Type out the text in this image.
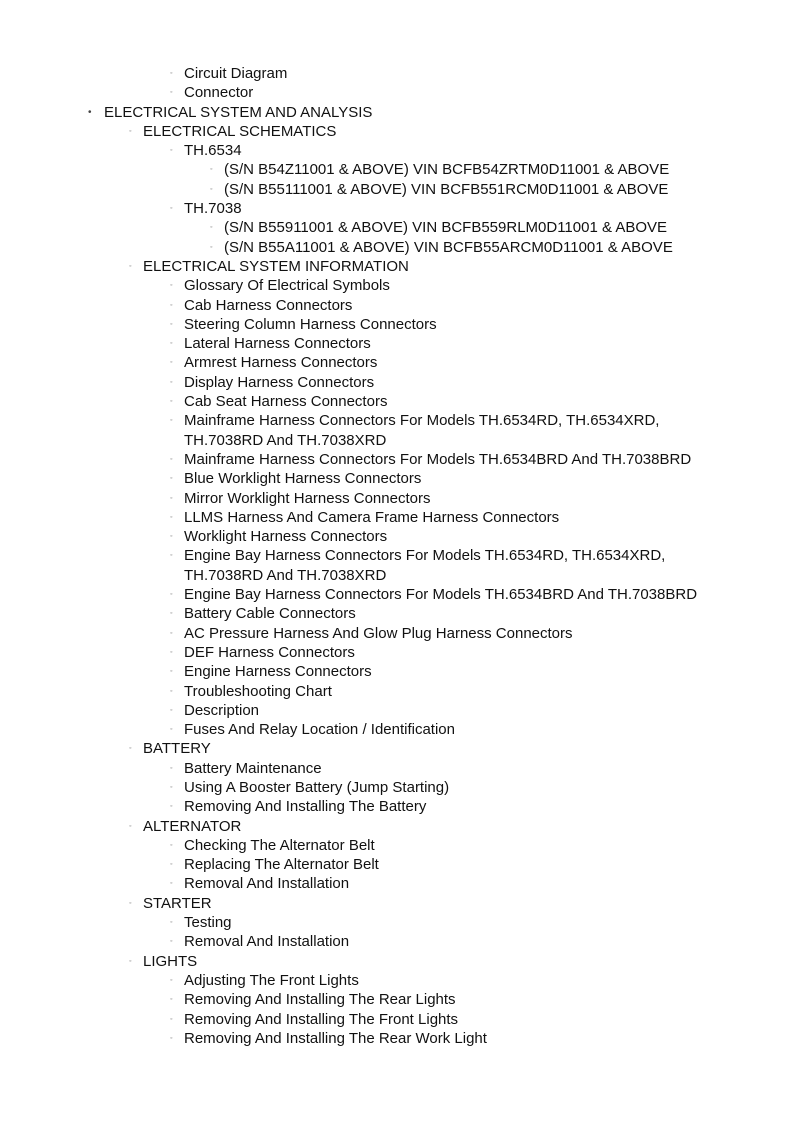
◦ Circuit Diagram
◦ Connector
• ELECTRICAL SYSTEM AND ANALYSIS
◦ ELECTRICAL SCHEMATICS
◦ TH.6534
◦ (S/N B54Z11001 & ABOVE) VIN BCFB54ZRTM0D11001 & ABOVE
◦ (S/N B55111001 & ABOVE) VIN BCFB551RCM0D11001 & ABOVE
◦ TH.7038
◦ (S/N B55911001 & ABOVE) VIN BCFB559RLM0D11001 & ABOVE
◦ (S/N B55A11001 & ABOVE) VIN BCFB55ARCM0D11001 & ABOVE
◦ ELECTRICAL SYSTEM INFORMATION
◦ Glossary Of Electrical Symbols
◦ Cab Harness Connectors
◦ Steering Column Harness Connectors
◦ Lateral Harness Connectors
◦ Armrest Harness Connectors
◦ Display Harness Connectors
◦ Cab Seat Harness Connectors
◦ Mainframe Harness Connectors For Models TH.6534RD, TH.6534XRD, TH.7038RD And TH.7038XRD
◦ Mainframe Harness Connectors For Models TH.6534BRD And TH.7038BRD
◦ Blue Worklight Harness Connectors
◦ Mirror Worklight Harness Connectors
◦ LLMS Harness And Camera Frame Harness Connectors
◦ Worklight Harness Connectors
◦ Engine Bay Harness Connectors For Models TH.6534RD, TH.6534XRD, TH.7038RD And TH.7038XRD
◦ Engine Bay Harness Connectors For Models TH.6534BRD And TH.7038BRD
◦ Battery Cable Connectors
◦ AC Pressure Harness And Glow Plug Harness Connectors
◦ DEF Harness Connectors
◦ Engine Harness Connectors
◦ Troubleshooting Chart
◦ Description
◦ Fuses And Relay Location / Identification
◦ BATTERY
◦ Battery Maintenance
◦ Using A Booster Battery (Jump Starting)
◦ Removing And Installing The Battery
◦ ALTERNATOR
◦ Checking The Alternator Belt
◦ Replacing The Alternator Belt
◦ Removal And Installation
◦ STARTER
◦ Testing
◦ Removal And Installation
◦ LIGHTS
◦ Adjusting The Front Lights
◦ Removing And Installing The Rear Lights
◦ Removing And Installing The Front Lights
◦ Removing And Installing The Rear Work Light
